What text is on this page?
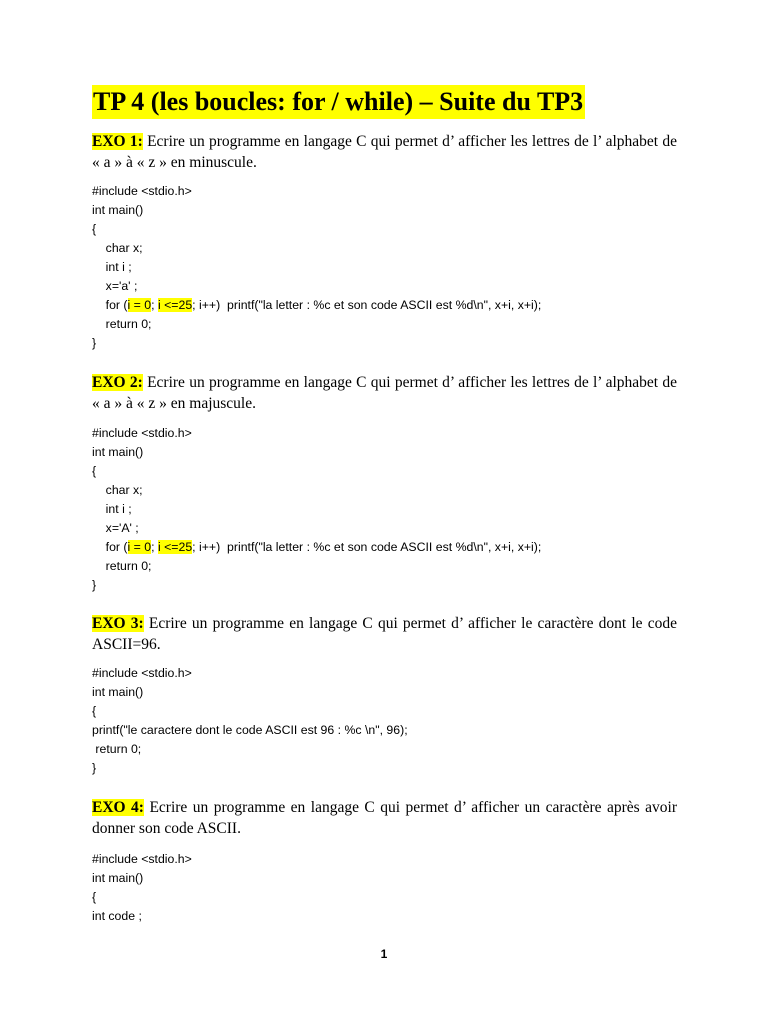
TP 4 (les boucles: for / while) – Suite du TP3

EXO 1: Ecrire un programme en langage C qui permet d’ afficher les lettres de l’ alphabet de « a » à « z » en minuscule.

#include <stdio.h>
int main()
{
char x;
int i ;
x='a' ;
for (i = 0; i <=25; i++)  printf("la letter : %c et son code ASCII est %d\n", x+i, x+i);
return 0;
}

EXO 2: Ecrire un programme en langage C qui permet d’ afficher les lettres de l’ alphabet de « a » à « z » en majuscule.

#include <stdio.h>
int main()
{
char x;
int i ;
x='A' ;
for (i = 0; i <=25; i++)  printf("la letter : %c et son code ASCII est %d\n", x+i, x+i);
return 0;
}

EXO 3: Ecrire un programme en langage C qui permet d’ afficher le caractère dont le code ASCII=96.

#include <stdio.h>
int main()
{
printf("le caractere dont le code ASCII est 96 : %c \n", 96);
return 0;
}

EXO 4: Ecrire un programme en langage C qui permet d’ afficher un caractère après avoir donner son code ASCII.

#include <stdio.h>
int main()
{
int code ;
1
